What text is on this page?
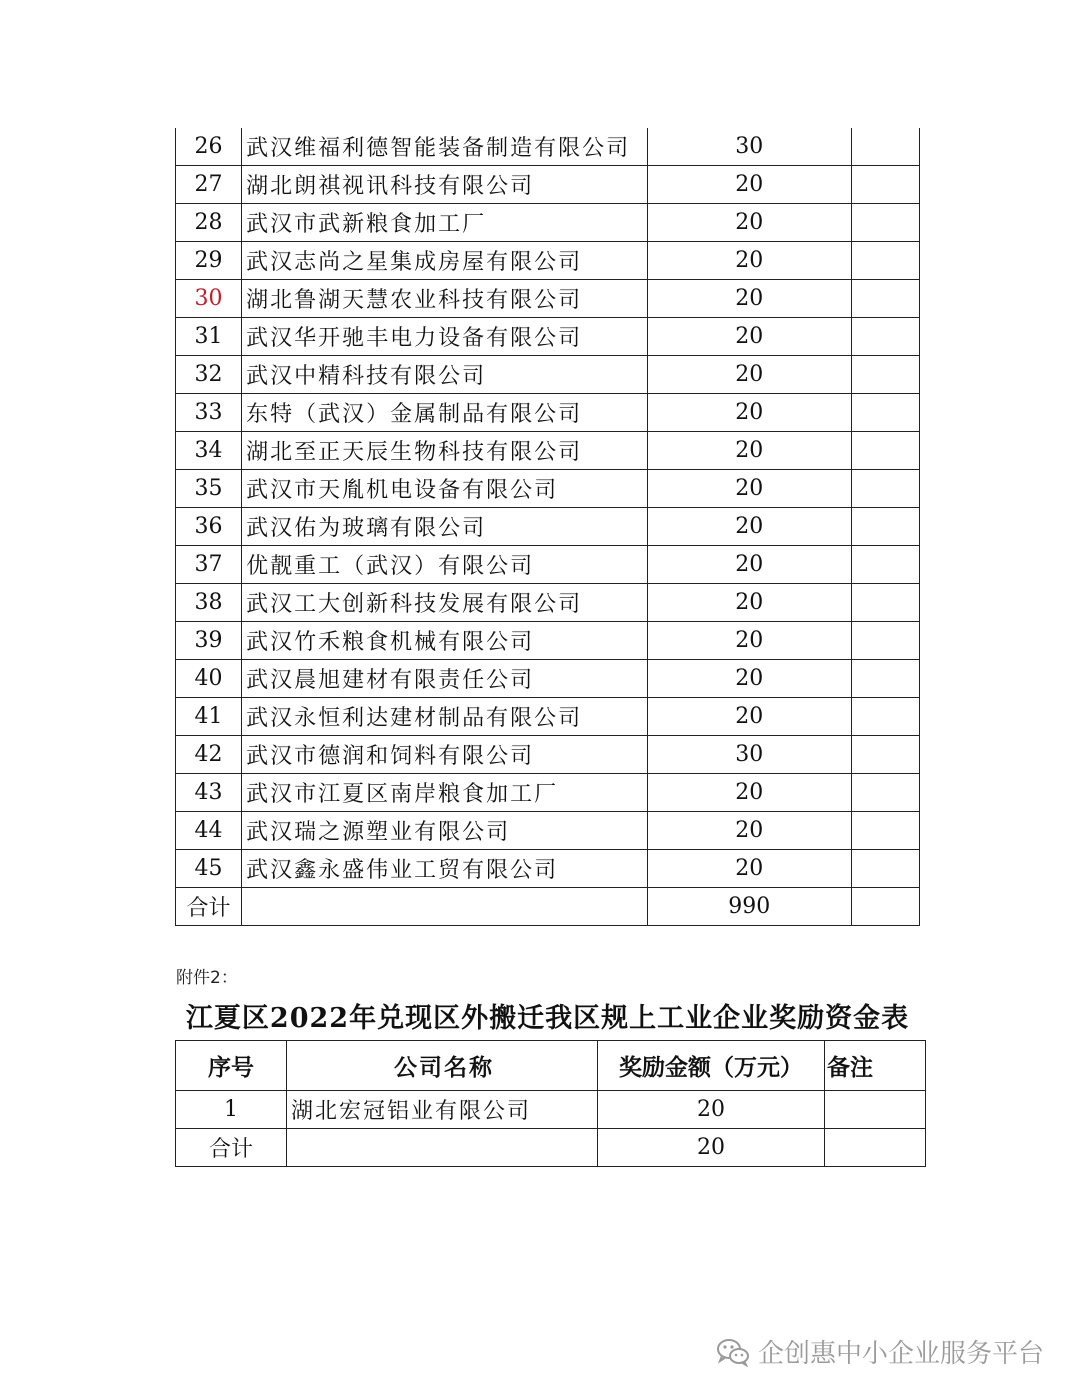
26	武汉维福利德智能装备制造有限公司	30	
27	湖北朗祺视讯科技有限公司	20	
28	武汉市武新粮食加工厂	20	
29	武汉志尚之星集成房屋有限公司	20	
30	湖北鲁湖天慧农业科技有限公司	20	
31	武汉华开驰丰电力设备有限公司	20	
32	武汉中精科技有限公司	20	
33	东特（武汉）金属制品有限公司	20	
34	湖北至正天辰生物科技有限公司	20	
35	武汉市天胤机电设备有限公司	20	
36	武汉佑为玻璃有限公司	20	
37	优靓重工（武汉）有限公司	20	
38	武汉工大创新科技发展有限公司	20	
39	武汉竹禾粮食机械有限公司	20	
40	武汉晨旭建材有限责任公司	20	
41	武汉永恒利达建材制品有限公司	20	
42	武汉市德润和饲料有限公司	30	
43	武汉市江夏区南岸粮食加工厂	20	
44	武汉瑞之源塑业有限公司	20	
45	武汉鑫永盛伟业工贸有限公司	20	
合计		990	
附件2：
江夏区2022年兑现区外搬迁我区规上工业企业奖励资金表
序号	公司名称	奖励金额（万元）	备注
1	湖北宏冠铝业有限公司	20	
合计		20	
企创惠中小企业服务平台
